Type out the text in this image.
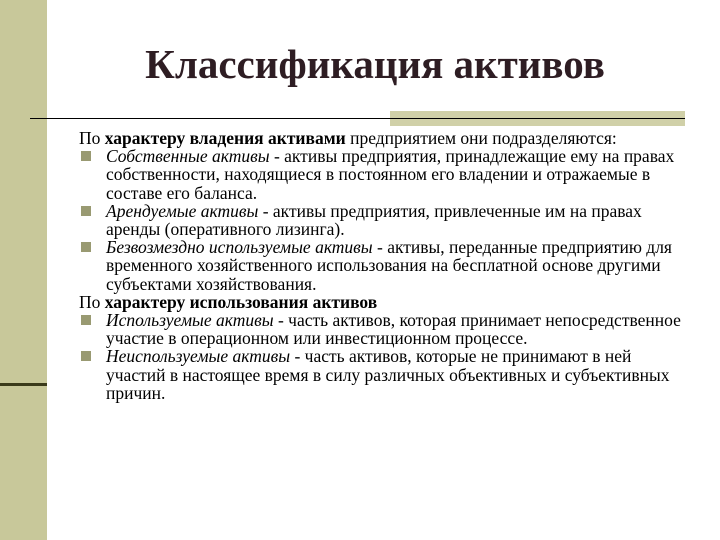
Классификация активов

По характеру владения активами предприятием они подразделяются:

Собственные активы - активы предприятия, принадлежащие ему на правах собственности, находящиеся в постоянном его владении и отражаемые в составе его баланса.

Арендуемые активы - активы предприятия, привлеченные им на правах аренды (оперативного лизинга).

Безвозмездно используемые активы - активы, переданные предприятию для временного хозяйственного использования на бесплатной основе другими субъектами хозяйствования.

По характеру использования активов

Используемые активы - часть активов, которая принимает непосредственное участие в операционном или инвестиционном процессе.

Неиспользуемые активы - часть активов, которые не принимают в ней участий в настоящее время в силу различных объективных и субъективных причин.
